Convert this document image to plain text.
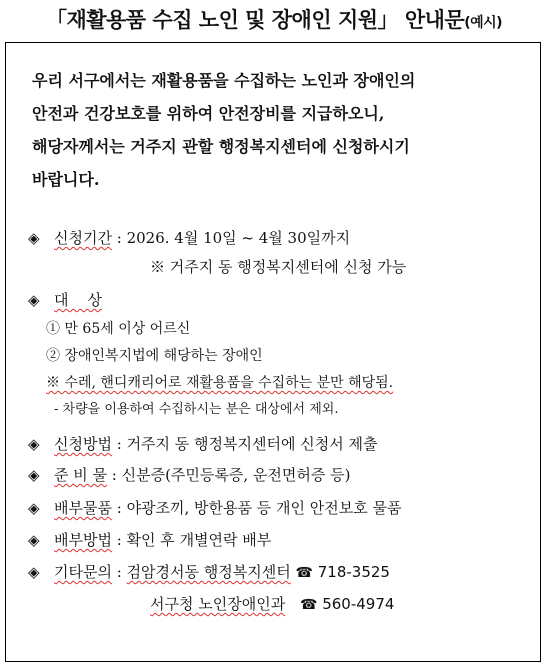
「재활용품 수집 노인 및 장애인 지원」 안내문(예시)
우리 서구에서는 재활용품을 수집하는 노인과 장애인의
안전과 건강보호를 위하여 안전장비를 지급하오니,
해당자께서는 거주지 관할 행정복지센터에 신청하시기
바랍니다.
◈ 신청기간 : 2026. 4월 10일 ~ 4월 30일까지
※ 거주지 동 행정복지센터에 신청 가능
◈ 대    상
① 만 65세 이상 어르신
② 장애인복지법에 해당하는 장애인
※ 수레, 핸디캐리어로 재활용품을 수집하는 분만 해당됨.
- 차량을 이용하여 수집하시는 분은 대상에서 제외.
◈ 신청방법 : 거주지 동 행정복지센터에 신청서 제출
◈ 준 비 물 : 신분증(주민등록증, 운전면허증 등)
◈ 배부물품 : 야광조끼, 방한용품 등 개인 안전보호 물품
◈ 배부방법 : 확인 후 개별연락 배부
◈ 기타문의 : 검암경서동 행정복지센터 ☎ 718-3525
서구청 노인장애인과 ☎ 560-4974
